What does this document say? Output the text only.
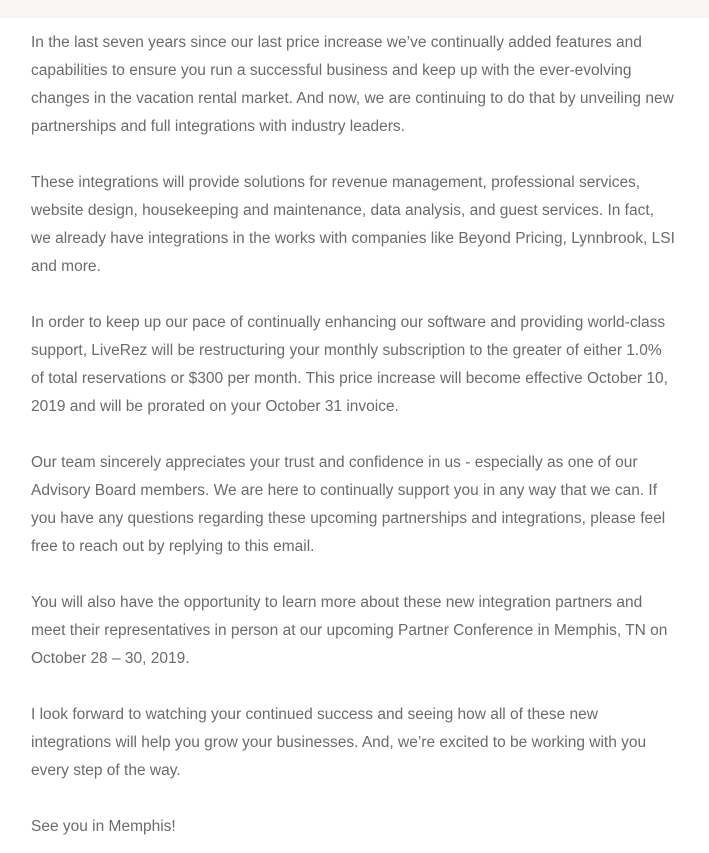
In the last seven years since our last price increase we’ve continually added features and capabilities to ensure you run a successful business and keep up with the ever-evolving changes in the vacation rental market. And now, we are continuing to do that by unveiling new partnerships and full integrations with industry leaders.

These integrations will provide solutions for revenue management, professional services, website design, housekeeping and maintenance, data analysis, and guest services. In fact, we already have integrations in the works with companies like Beyond Pricing, Lynnbrook, LSI and more.

In order to keep up our pace of continually enhancing our software and providing world-class support, LiveRez will be restructuring your monthly subscription to the greater of either 1.0% of total reservations or $300 per month. This price increase will become effective October 10, 2019 and will be prorated on your October 31 invoice.

Our team sincerely appreciates your trust and confidence in us - especially as one of our Advisory Board members. We are here to continually support you in any way that we can. If you have any questions regarding these upcoming partnerships and integrations, please feel free to reach out by replying to this email.

You will also have the opportunity to learn more about these new integration partners and meet their representatives in person at our upcoming Partner Conference in Memphis, TN on October 28 – 30, 2019.

I look forward to watching your continued success and seeing how all of these new integrations will help you grow your businesses. And, we’re excited to be working with you every step of the way.

See you in Memphis!
